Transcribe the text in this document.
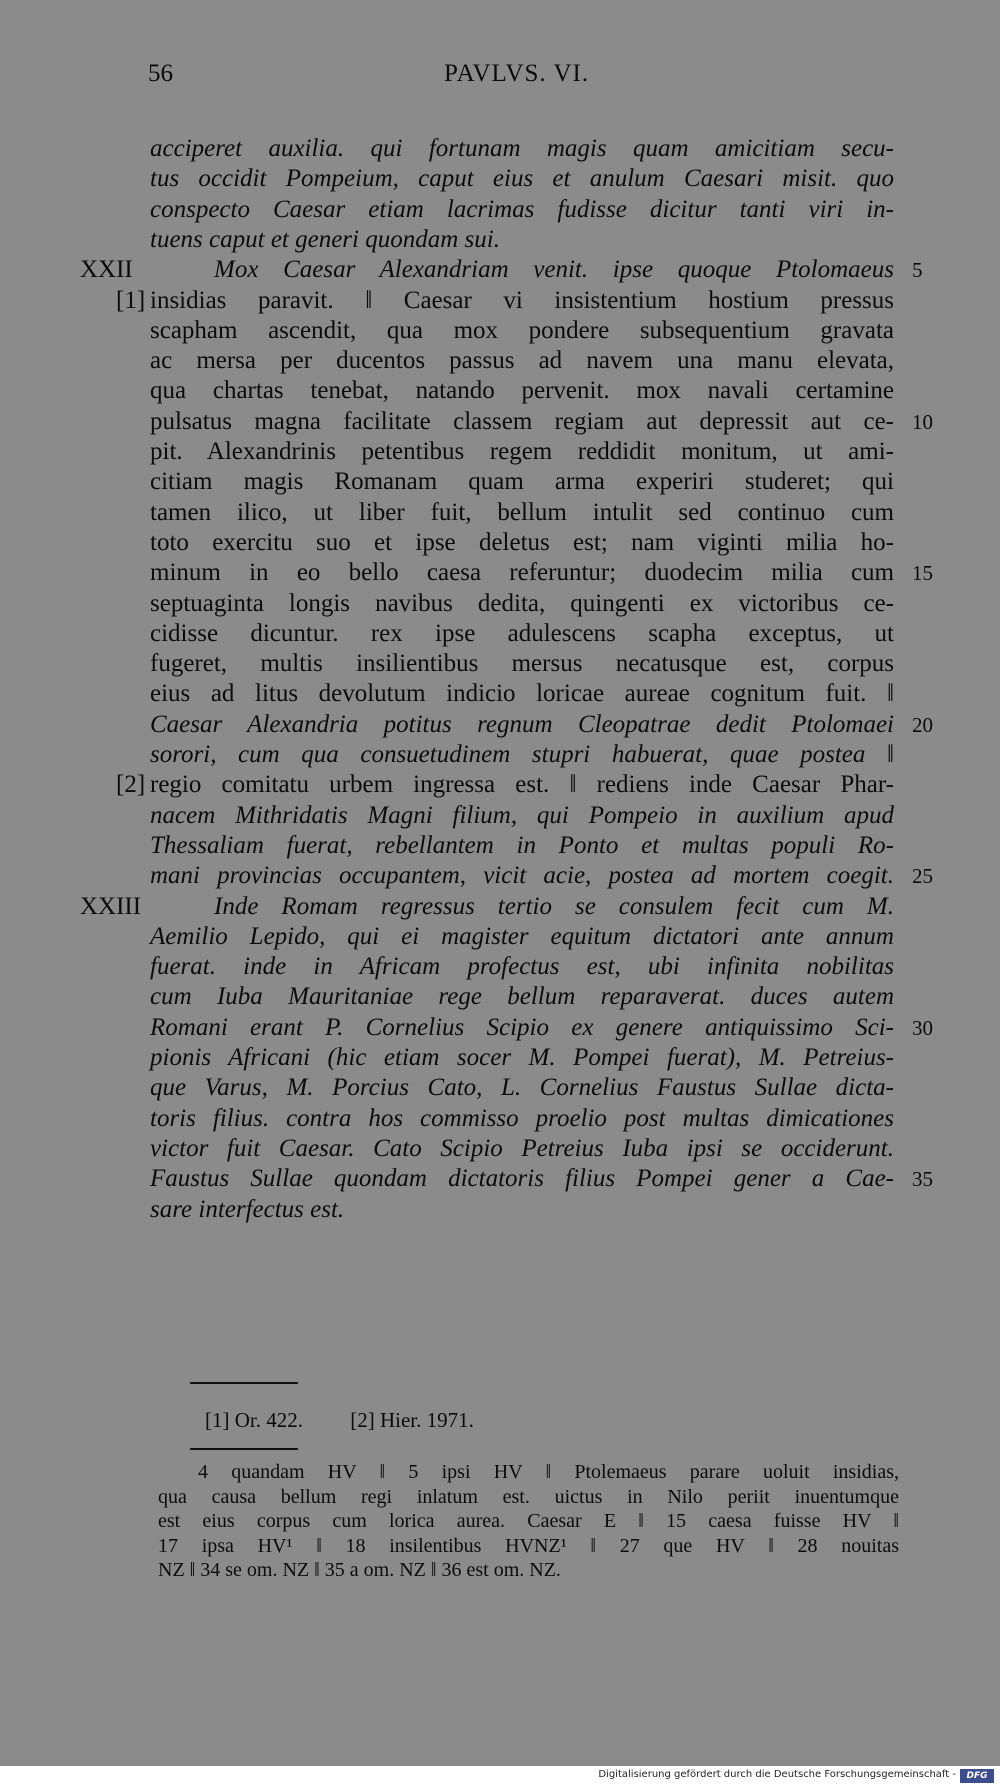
56	PAVLVS. VI.
acciperet auxilia. qui fortunam magis quam amicitiam secu-
tus occidit Pompeium, caput eius et anulum Caesari misit. quo
conspecto Caesar etiam lacrimas fudisse dicitur tanti viri in-
tuens caput et generi quondam sui.
Mox Caesar Alexandriam venit. ipse quoque Ptolomaeus
XXII	5
insidias paravit. ‖ Caesar vi insistentium hostium pressus
[1]
scapham ascendit, qua mox pondere subsequentium gravata
ac mersa per ducentos passus ad navem una manu elevata,
qua chartas tenebat, natando pervenit. mox navali certamine
pulsatus magna facilitate classem regiam aut depressit aut ce- 10
pit. Alexandrinis petentibus regem reddidit monitum, ut ami-
citiam magis Romanam quam arma experiri studeret; qui
tamen ilico, ut liber fuit, bellum intulit sed continuo cum
toto exercitu suo et ipse deletus est; nam viginti milia ho-
minum in eo bello caesa referuntur; duodecim milia cum 15
septuaginta longis navibus dedita, quingenti ex victoribus ce-
cidisse dicuntur. rex ipse adulescens scapha exceptus, ut
fugeret, multis insilientibus mersus necatusque est, corpus
eius ad litus devolutum indicio loricae aureae cognitum fuit. ‖
Caesar Alexandria potitus regnum Cleopatrae dedit Ptolomaei 20
sorori, cum qua consuetudinem stupri habuerat, quae postea ‖
regio comitatu urbem ingressa est. ‖ rediens inde Caesar Phar-
[2]
nacem Mithridatis Magni filium, qui Pompeio in auxilium apud
Thessaliam fuerat, rebellantem in Ponto et multas populi Ro-
mani provincias occupantem, vicit acie, postea ad mortem coegit. 25
Inde Romam regressus tertio se consulem fecit cum M.
XXIII
Aemilio Lepido, qui ei magister equitum dictatori ante annum
fuerat. inde in Africam profectus est, ubi infinita nobilitas
cum Iuba Mauritaniae rege bellum reparaverat. duces autem
Romani erant P. Cornelius Scipio ex genere antiquissimo Sci- 30
pionis Africani (hic etiam socer M. Pompei fuerat), M. Petreius-
que Varus, M. Porcius Cato, L. Cornelius Faustus Sullae dicta-
toris filius. contra hos commisso proelio post multas dimicationes
victor fuit Caesar. Cato Scipio Petreius Iuba ipsi se occiderunt.
Faustus Sullae quondam dictatoris filius Pompei gener a Cae- 35
sare interfectus est.
[1] Or. 422. [2] Hier. 1971.
4 quandam HV ‖ 5 ipsi HV ‖ Ptolemaeus parare uoluit insidias,
qua causa bellum regi inlatum est. uictus in Nilo periit inuentumque
est eius corpus cum lorica aurea. Caesar E ‖ 15 caesa fuisse HV ‖
17 ipsa HV¹ ‖ 18 insilentibus HVNZ¹ ‖ 27 que HV ‖ 28 nouitas
NZ ‖ 34 se om. NZ ‖ 35 a om. NZ ‖ 36 est om. NZ.
Digitalisierung gefördert durch die Deutsche Forschungsgemeinschaft -	DFG
